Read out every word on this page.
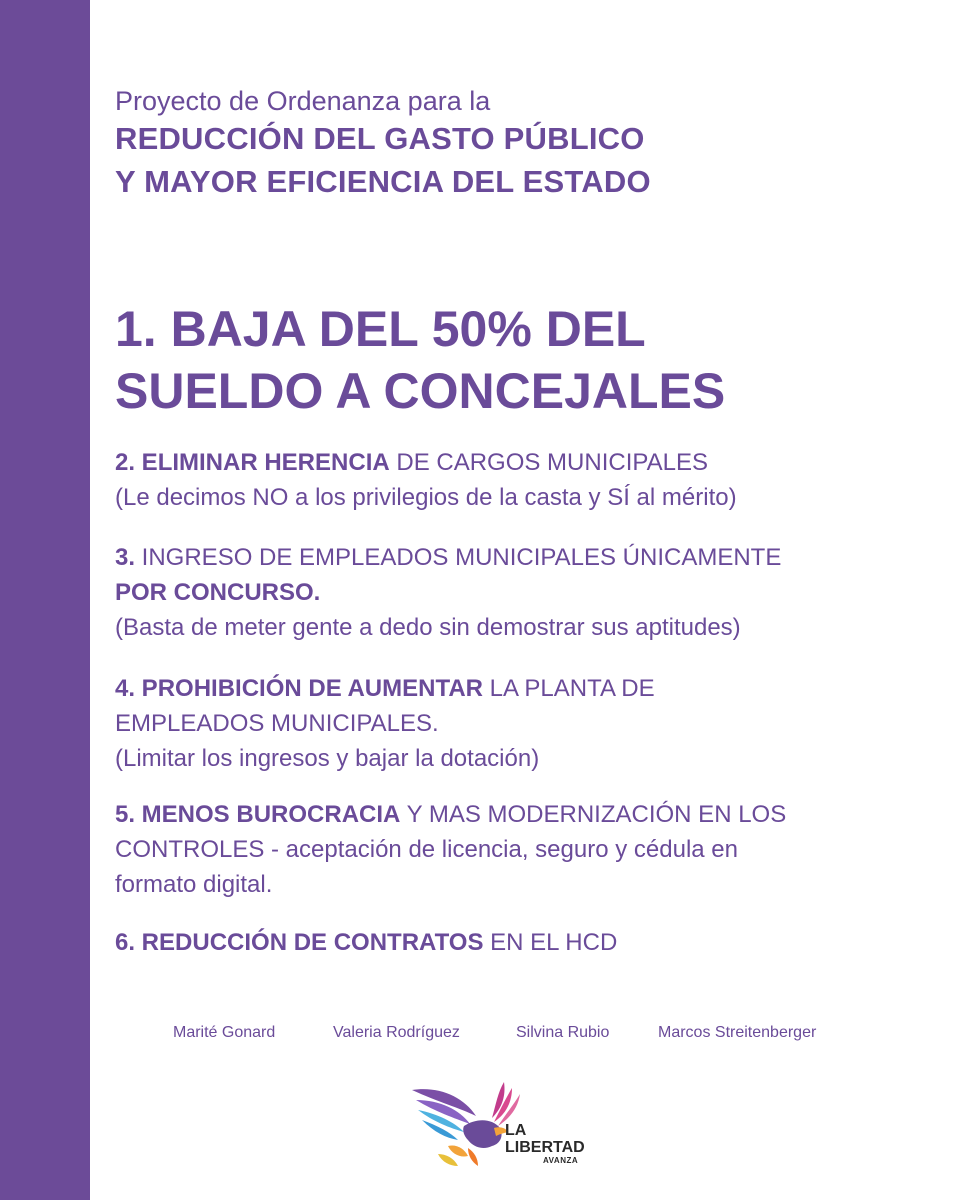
Proyecto de Ordenanza para la
REDUCCIÓN DEL GASTO PÚBLICO
Y MAYOR EFICIENCIA DEL ESTADO
1. BAJA DEL 50% DEL
SUELDO A CONCEJALES
2. ELIMINAR HERENCIA DE CARGOS MUNICIPALES
(Le decimos NO a los privilegios de la casta y SÍ al mérito)
3. INGRESO DE EMPLEADOS MUNICIPALES ÚNICAMENTE
POR CONCURSO.
(Basta de meter gente a dedo sin demostrar sus aptitudes)
4. PROHIBICIÓN DE AUMENTAR LA PLANTA DE
EMPLEADOS MUNICIPALES.
(Limitar los ingresos y bajar la dotación)
5. MENOS BUROCRACIA Y MAS MODERNIZACIÓN EN LOS
CONTROLES - aceptación de licencia, seguro y cédula en
formato digital.
6. REDUCCIÓN DE CONTRATOS EN EL HCD
Marité Gonard	Valeria Rodríguez	Silvina Rubio	Marcos Streitenberger
LA
LIBERTAD
AVANZA
